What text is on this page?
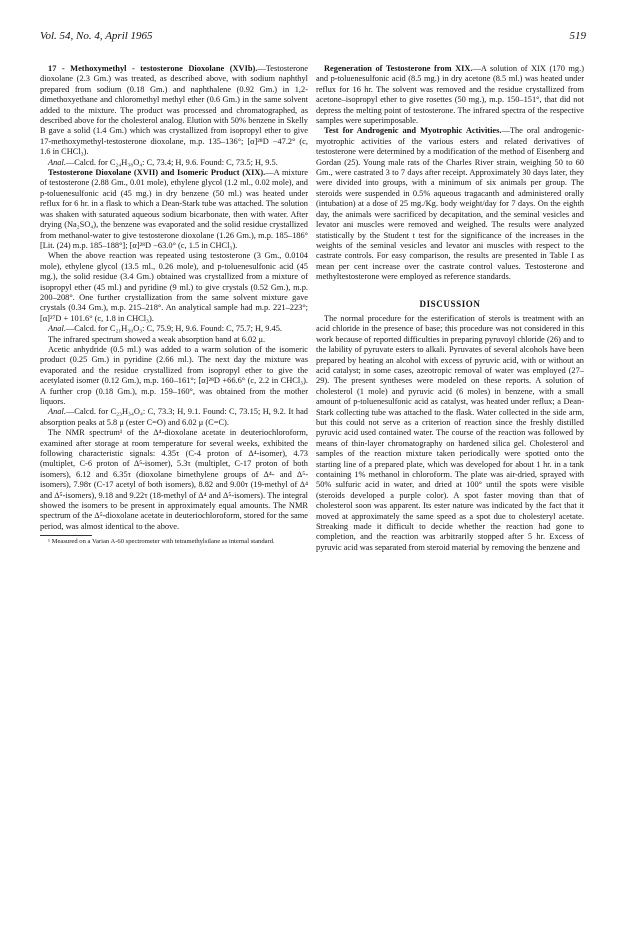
Vol. 54, No. 4, April 1965	519

17 - Methoxymethyl - testosterone Dioxolane (XVIb).—Testosterone dioxolane (2.3 Gm.) was treated, as described above, with sodium naphthyl prepared from sodium (0.18 Gm.) and naphthalene (0.92 Gm.) in 1,2-dimethoxyethane and chloromethyl methyl ether (0.6 Gm.) in the same solvent added to the mixture. The product was processed and chromatographed, as described above for the cholesterol analog. Elution with 50% benzene in Skelly B gave a solid (1.4 Gm.) which was crystallized from isopropyl ether to give 17-methoxymethyl-testosterone dioxolane, m.p. 135–136°; [α]²⁸D −47.2° (c, 1.6 in CHCl₃).

Anal.—Calcd. for C₂₄H₃₈O₄: C, 73.4; H, 9.6. Found: C, 73.5; H, 9.5.

Testosterone Dioxolane (XVII) and Isomeric Product (XIX).—A mixture of testosterone (2.88 Gm., 0.01 mole), ethylene glycol (1.2 ml., 0.02 mole), and p-toluenesulfonic acid (45 mg.) in dry benzene (50 ml.) was heated under reflux for 6 hr. in a flask to which a Dean-Stark tube was attached. The solution was shaken with saturated aqueous sodium bicarbonate, then with water. After drying (Na₂SO₄), the benzene was evaporated and the solid residue crystallized from methanol-water to give testosterone dioxolane (1.26 Gm.), m.p. 185–186° [Lit. (24) m.p. 185–188°]; [α]²⁸D −63.0° (c, 1.5 in CHCl₃).

When the above reaction was repeated using testosterone (3 Gm., 0.0104 mole), ethylene glycol (13.5 ml., 0.26 mole), and p-toluenesulfonic acid (45 mg.), the solid residue (3.4 Gm.) obtained was crystallized from a mixture of isopropyl ether (45 ml.) and pyridine (9 ml.) to give crystals (0.52 Gm.), m.p. 200–208°. One further crystallization from the same solvent mixture gave crystals (0.34 Gm.), m.p. 215–218°. An analytical sample had m.p. 221–223°; [α]²⁷D + 101.6° (c, 1.8 in CHCl₃).

Anal.—Calcd. for C₂₁H₃₀O₃: C, 75.9; H, 9.6. Found: C, 75.7; H, 9.45.

The infrared spectrum showed a weak absorption band at 6.02 μ.

Acetic anhydride (0.5 ml.) was added to a warm solution of the isomeric product (0.25 Gm.) in pyridine (2.66 ml.). The next day the mixture was evaporated and the residue crystallized from isopropyl ether to give the acetylated isomer (0.12 Gm.), m.p. 160–161°; [α]²⁸D +66.6° (c, 2.2 in CHCl₃). A further crop (0.18 Gm.), m.p. 159–160°, was obtained from the mother liquors.

Anal.—Calcd. for C₂₃H₃₄O₄: C, 73.3; H, 9.1. Found: C, 73.15; H, 9.2. It had absorption peaks at 5.8 μ (ester C=O) and 6.02 μ (C=C).

The NMR spectrum¹ of the Δ⁴-dioxolane acetate in deuteriochloroform, examined after storage at room temperature for several weeks, exhibited the following characteristic signals: 4.35τ (C-4 proton of Δ⁴-isomer), 4.73 (multiplet, C-6 proton of Δ⁵-isomer), 5.3τ (multiplet, C-17 proton of both isomers), 6.12 and 6.35τ (dioxolane bimethylene groups of Δ⁴- and Δ⁵-isomers), 7.98τ (C-17 acetyl of both isomers), 8.82 and 9.00τ (19-methyl of Δ⁴ and Δ⁵-isomers), 9.18 and 9.22τ (18-methyl of Δ⁴ and Δ⁵-isomers). The integral showed the isomers to be present in approximately equal amounts. The NMR spectrum of the Δ⁵-dioxolane acetate in deuteriochloroform, stored for the same period, was almost identical to the above.

¹ Measured on a Varian A-60 spectrometer with tetramethylsilane as internal standard.

Regeneration of Testosterone from XIX.—A solution of XIX (170 mg.) and p-toluenesulfonic acid (8.5 mg.) in dry acetone (8.5 ml.) was heated under reflux for 16 hr. The solvent was removed and the residue crystallized from acetone–isopropyl ether to give rosettes (50 mg.), m.p. 150–151°, that did not depress the melting point of testosterone. The infrared spectra of the respective samples were superimposable.

Test for Androgenic and Myotrophic Activities.—The oral androgenic-myotrophic activities of the various esters and related derivatives of testosterone were determined by a modification of the method of Eisenberg and Gordan (25). Young male rats of the Charles River strain, weighing 50 to 60 Gm., were castrated 3 to 7 days after receipt. Approximately 30 days later, they were divided into groups, with a minimum of six animals per group. The steroids were suspended in 0.5% aqueous tragacanth and administered orally (intubation) at a dose of 25 mg./Kg. body weight/day for 7 days. On the eighth day, the animals were sacrificed by decapitation, and the seminal vesicles and levator ani muscles were removed and weighed. The results were analyzed statistically by the Student t test for the significance of the increases in the weights of the seminal vesicles and levator ani muscles with respect to the castrate controls. For easy comparison, the results are presented in Table I as mean per cent increase over the castrate control values. Testosterone and methyltestosterone were employed as reference standards.

DISCUSSION

The normal procedure for the esterification of sterols is treatment with an acid chloride in the presence of base; this procedure was not considered in this work because of reported difficulties in preparing pyruvoyl chloride (26) and to the lability of pyruvate esters to alkali. Pyruvates of several alcohols have been prepared by heating an alcohol with excess of pyruvic acid, with or without an acid catalyst; in some cases, azeotropic removal of water was employed (27–29). The present syntheses were modeled on these reports. A solution of cholesterol (1 mole) and pyruvic acid (6 moles) in benzene, with a small amount of p-toluenesulfonic acid as catalyst, was heated under reflux; a Dean-Stark collecting tube was attached to the flask. Water collected in the side arm, but this could not serve as a criterion of reaction since the freshly distilled pyruvic acid used contained water. The course of the reaction was followed by means of thin-layer chromatography on hardened silica gel. Cholesterol and samples of the reaction mixture taken periodically were spotted onto the starting line of a prepared plate, which was developed for about 1 hr. in a tank containing 1% methanol in chloroform. The plate was air-dried, sprayed with 50% sulfuric acid in water, and dried at 100° until the spots were visible (steroids developed a purple color). A spot faster moving than that of cholesterol soon was apparent. Its ester nature was indicated by the fact that it moved at approximately the same speed as a spot due to cholesteryl acetate. Streaking made it difficult to decide whether the reaction had gone to completion, and the reaction was arbitrarily stopped after 5 hr. Excess of pyruvic acid was separated from steroid material by removing the benzene and
